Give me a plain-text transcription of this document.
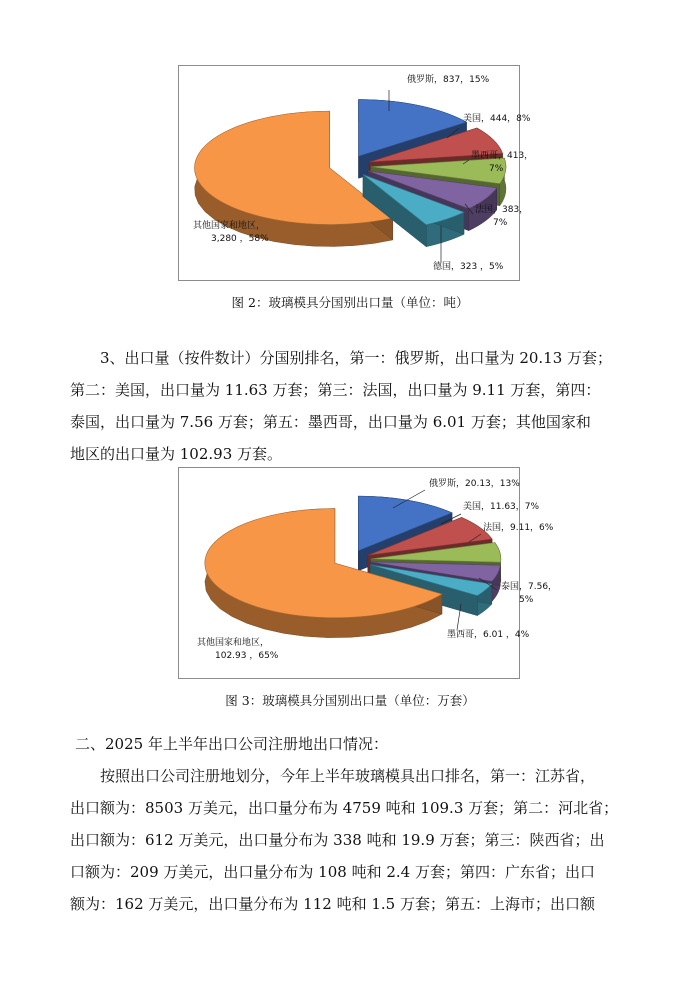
俄罗斯，837，15%
美国，444，8%
墨西哥，413，
7%
法国，383，
7%
德国，323 ，5%
其他国家和地区，
3,280 ，58%
图 2：玻璃模具分国别出口量（单位：吨）
3、出口量（按件数计）分国别排名，第一：俄罗斯，出口量为 20.13 万套；
第二：美国，出口量为 11.63 万套；第三：法国，出口量为 9.11 万套，第四：
泰国，出口量为 7.56 万套；第五：墨西哥，出口量为 6.01 万套；其他国家和
地区的出口量为 102.93 万套。
俄罗斯，20.13，13%
美国，11.63，7%
法国，9.11，6%
泰国，7.56，
5%
墨西哥，6.01 ，4%
其他国家和地区，
102.93 ，65%
图 3：玻璃模具分国别出口量（单位：万套）
二、2025 年上半年出口公司注册地出口情况：
按照出口公司注册地划分，今年上半年玻璃模具出口排名，第一：江苏省，
出口额为：8503 万美元，出口量分布为 4759 吨和 109.3 万套；第二：河北省；
出口额为：612 万美元，出口量分布为 338 吨和 19.9 万套；第三：陕西省；出
口额为：209 万美元，出口量分布为 108 吨和 2.4 万套；第四：广东省；出口
额为：162 万美元，出口量分布为 112 吨和 1.5 万套；第五：上海市；出口额
